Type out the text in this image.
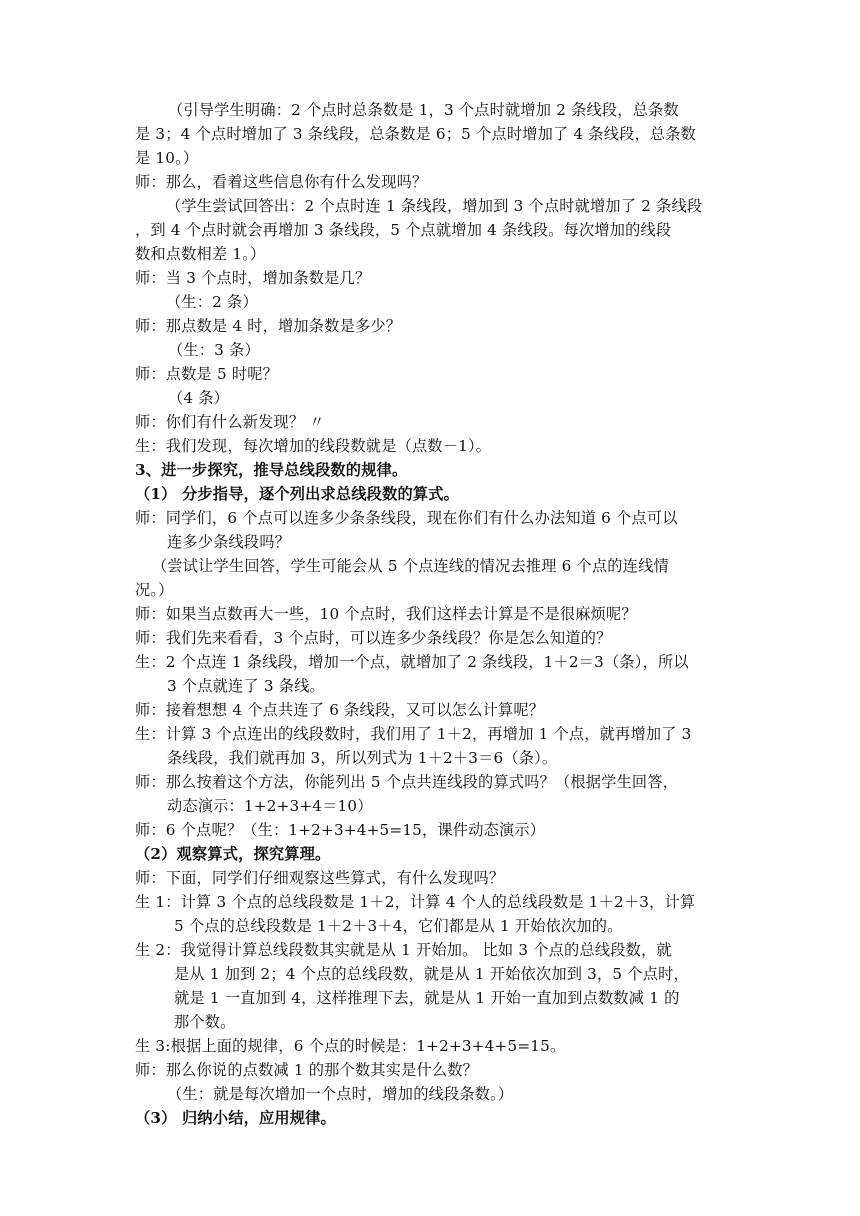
（引导学生明确：2 个点时总条数是 1，3 个点时就增加 2 条线段，总条数
是 3；4 个点时增加了 3 条线段，总条数是 6；5 个点时增加了 4 条线段，总条数
是 10。）
师：那么，看着这些信息你有什么发现吗？
（学生尝试回答出：2 个点时连 1 条线段，增加到 3 个点时就增加了 2 条线段
，到 4 个点时就会再增加 3 条线段，5 个点就增加 4 条线段。每次增加的线段
数和点数相差 1。）
师：当 3 个点时，增加条数是几？
（生：2 条）
师：那点数是 4 时，增加条数是多少？
（生：3 条）
师：点数是 5 时呢？
（4 条）
师：你们有什么新发现？ 〃
生：我们发现，每次增加的线段数就是（点数－1）。
3、进一步探究，推导总线段数的规律。
（1） 分步指导，逐个列出求总线段数的算式。
师：同学们，6 个点可以连多少条条线段，现在你们有什么办法知道 6 个点可以
连多少条线段吗？
（尝试让学生回答，学生可能会从 5 个点连线的情况去推理 6 个点的连线情
况。）
师：如果当点数再大一些，10 个点时，我们这样去计算是不是很麻烦呢？
师：我们先来看看，3 个点时，可以连多少条线段？你是怎么知道的？
生：2 个点连 1 条线段，增加一个点，就增加了 2 条线段，1＋2＝3（条），所以
3 个点就连了 3 条线。
师：接着想想 4 个点共连了 6 条线段，又可以怎么计算呢？
生：计算 3 个点连出的线段数时，我们用了 1＋2，再增加 1 个点，就再增加了 3
条线段，我们就再加 3，所以列式为 1＋2＋3＝6（条）。
师：那么按着这个方法，你能列出 5 个点共连线段的算式吗？（根据学生回答，
动态演示：1+2+3+4＝10）
师：6 个点呢？（生：1+2+3+4+5=15，课件动态演示）
（2）观察算式，探究算理。
师：下面，同学们仔细观察这些算式，有什么发现吗？
生 1：计算 3 个点的总线段数是 1＋2，计算 4 个人的总线段数是 1＋2＋3，计算
5 个点的总线段数是 1＋2＋3＋4，它们都是从 1 开始依次加的。
生 2：我觉得计算总线段数其实就是从 1 开始加。 比如 3 个点的总线段数，就
是从 1 加到 2；4 个点的总线段数，就是从 1 开始依次加到 3，5 个点时，
就是 1 一直加到 4，这样推理下去，就是从 1 开始一直加到点数数减 1 的
那个数。
生 3:根据上面的规律，6 个点的时候是：1+2+3+4+5=15。
师：那么你说的点数减 1 的那个数其实是什么数？
（生：就是每次增加一个点时，增加的线段条数。）
（3） 归纳小结，应用规律。
